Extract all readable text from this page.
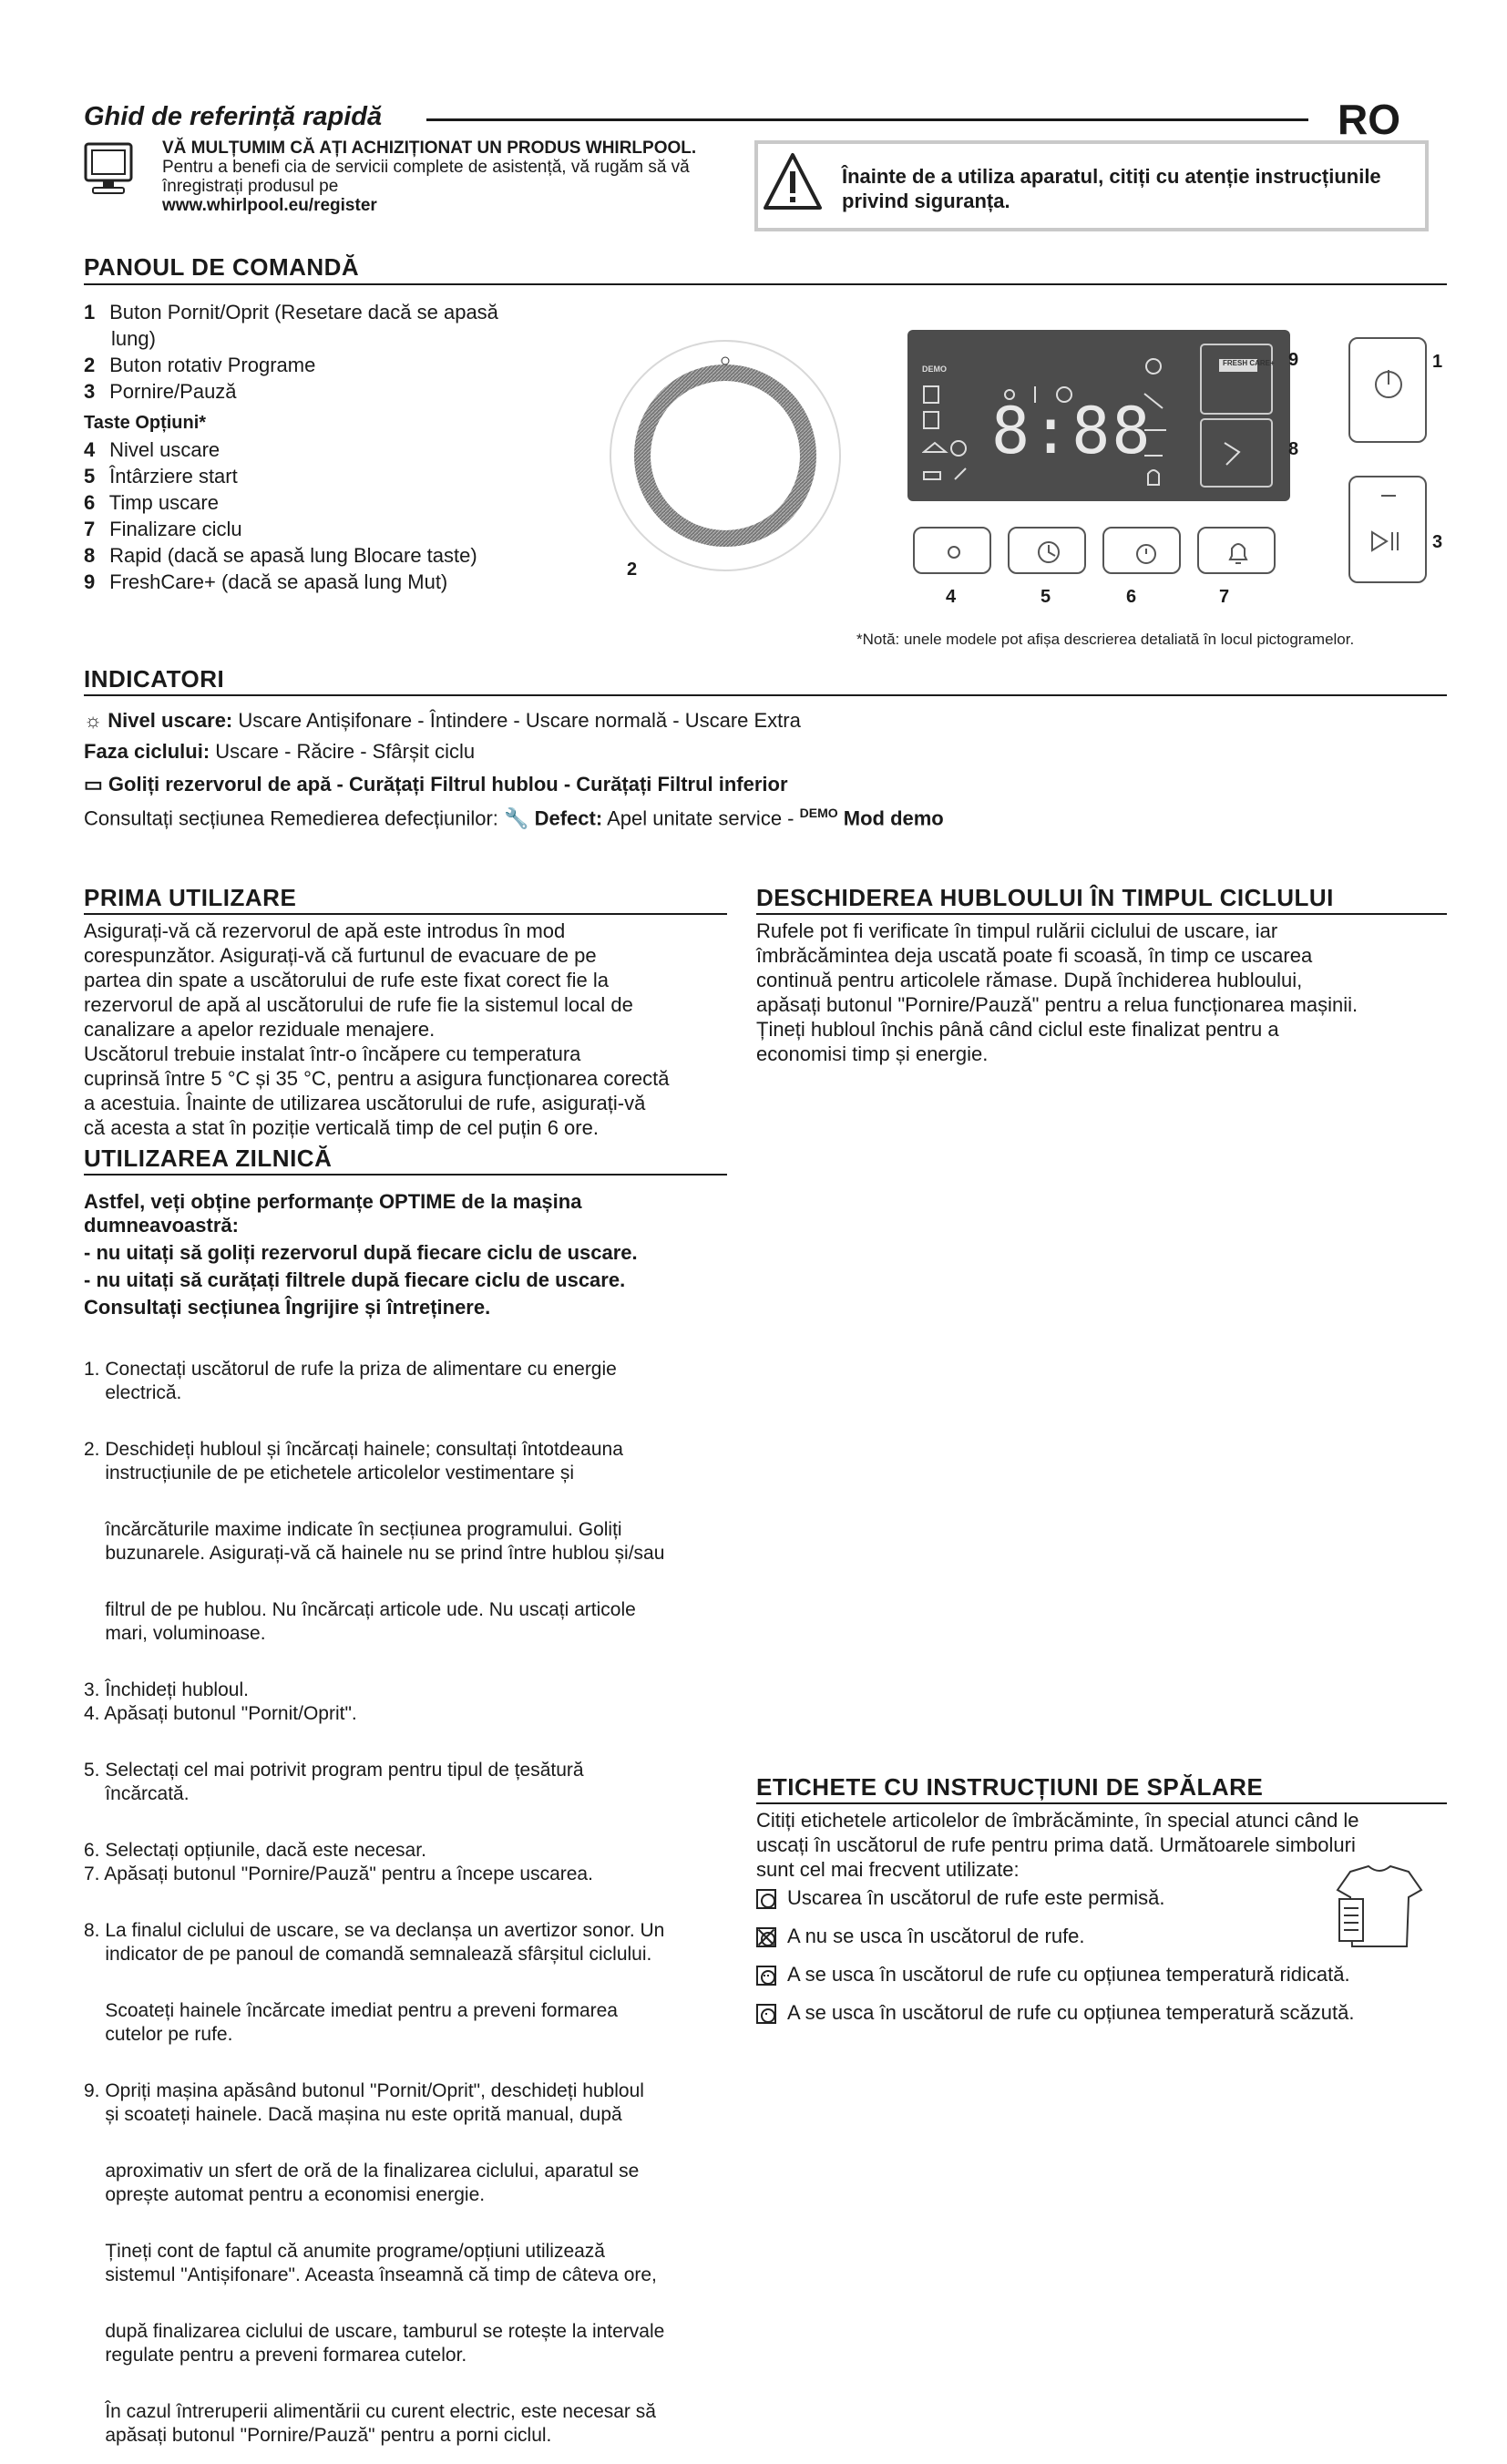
Ghid de referință rapidă	RO
VĂ MULȚUMIM CĂ AȚI ACHIZIȚIONAT UN PRODUS WHIRLPOOL.
Pentru a benefi cia de servicii complete de asistență, vă rugăm să vă înregistrați produsul pe
www.whirlpool.eu/register
Înainte de a utiliza aparatul, citiți cu atenție instrucțiunile privind siguranța.
PANOUL DE COMANDĂ
1 Buton Pornit/Oprit (Resetare dacă se apasă
lung)
2 Buton rotativ Programe
3 Pornire/Pauză
Taste Opțiuni*
4 Nivel uscare
5 Întârziere start
6 Timp uscare
7 Finalizare ciclu
8 Rapid (dacă se apasă lung Blocare taste)
9 FreshCare+ (dacă se apasă lung Mut)
2
DEMO
8:88
FRESH CARE+ 9
8
1
3
4	5	6	7
*Notă: unele modele pot afișa descrierea detaliată în locul pictogramelor.
INDICATORI
☼ Nivel uscare: Uscare Antișifonare - Întindere - Uscare normală - Uscare Extra
Faza ciclului: Uscare - Răcire - Sfârșit ciclu
▭ Goliți rezervorul de apă - Curățați Filtrul hublou - Curățați Filtrul inferior
Consultați secțiunea Remedierea defecțiunilor: 🔧 Defect: Apel unitate service - $^{DEMO}$ Mod demo
PRIMA UTILIZARE
Asigurați-vă că rezervorul de apă este introdus în mod
corespunzător. Asigurați-vă că furtunul de evacuare de pe
partea din spate a uscătorului de rufe este fixat corect fie la
rezervorul de apă al uscătorului de rufe fie la sistemul local de
canalizare a apelor reziduale menajere.
Uscătorul trebuie instalat într-o încăpere cu temperatura
cuprinsă între 5 °C și 35 °C, pentru a asigura funcționarea corectă
a acestuia. Înainte de utilizarea uscătorului de rufe, asigurați-vă
că acesta a stat în poziție verticală timp de cel puțin 6 ore.
DESCHIDEREA HUBLOULUI ÎN TIMPUL CICLULUI
Rufele pot fi verificate în timpul rulării ciclului de uscare, iar
îmbrăcămintea deja uscată poate fi scoasă, în timp ce uscarea
continuă pentru articolele rămase. După închiderea hubloului,
apăsați butonul "Pornire/Pauză" pentru a relua funcționarea mașinii.
Țineți hubloul închis până când ciclul este finalizat pentru a
economisi timp și energie.
UTILIZAREA ZILNICĂ
Astfel, veți obține performanțe OPTIME de la mașina
dumneavoastră:
- nu uitați să goliți rezervorul după fiecare ciclu de uscare.
- nu uitați să curățați filtrele după fiecare ciclu de uscare.
Consultați secțiunea Îngrijire și întreținere.

1. Conectați uscătorul de rufe la priza de alimentare cu energie
electrică.

2. Deschideți hubloul și încărcați hainele; consultați întotdeauna
instrucțiunile de pe etichetele articolelor vestimentare și

încărcăturile maxime indicate în secțiunea programului. Goliți
buzunarele. Asigurați-vă că hainele nu se prind între hublou și/sau

filtrul de pe hublou. Nu încărcați articole ude. Nu uscați articole
mari, voluminoase.

3. Închideți hubloul.
4. Apăsați butonul "Pornit/Oprit".

5. Selectați cel mai potrivit program pentru tipul de țesătură
încărcată.

6. Selectați opțiunile, dacă este necesar.
7. Apăsați butonul "Pornire/Pauză" pentru a începe uscarea.

8. La finalul ciclului de uscare, se va declanșa un avertizor sonor. Un
indicator de pe panoul de comandă semnalează sfârșitul ciclului.

Scoateți hainele încărcate imediat pentru a preveni formarea
cutelor pe rufe.

9. Opriți mașina apăsând butonul "Pornit/Oprit", deschideți hubloul
și scoateți hainele. Dacă mașina nu este oprită manual, după

aproximativ un sfert de oră de la finalizarea ciclului, aparatul se
oprește automat pentru a economisi energie.

Țineți cont de faptul că anumite programe/opțiuni utilizează
sistemul "Antișifonare". Aceasta înseamnă că timp de câteva ore,

după finalizarea ciclului de uscare, tamburul se rotește la intervale
regulate pentru a preveni formarea cutelor.

În cazul întreruperii alimentării cu curent electric, este necesar să
apăsați butonul "Pornire/Pauză" pentru a porni ciclul.

ETICHETE CU INSTRUCȚIUNI DE SPĂLARE
Citiți etichetele articolelor de îmbrăcăminte, în special atunci când le
uscați în uscătorul de rufe pentru prima dată. Următoarele simboluri
sunt cel mai frecvent utilizate:
Uscarea în uscătorul de rufe este permisă.
A nu se usca în uscătorul de rufe.
A se usca în uscătorul de rufe cu opțiunea temperatură ridicată.
A se usca în uscătorul de rufe cu opțiunea temperatură scăzută.
